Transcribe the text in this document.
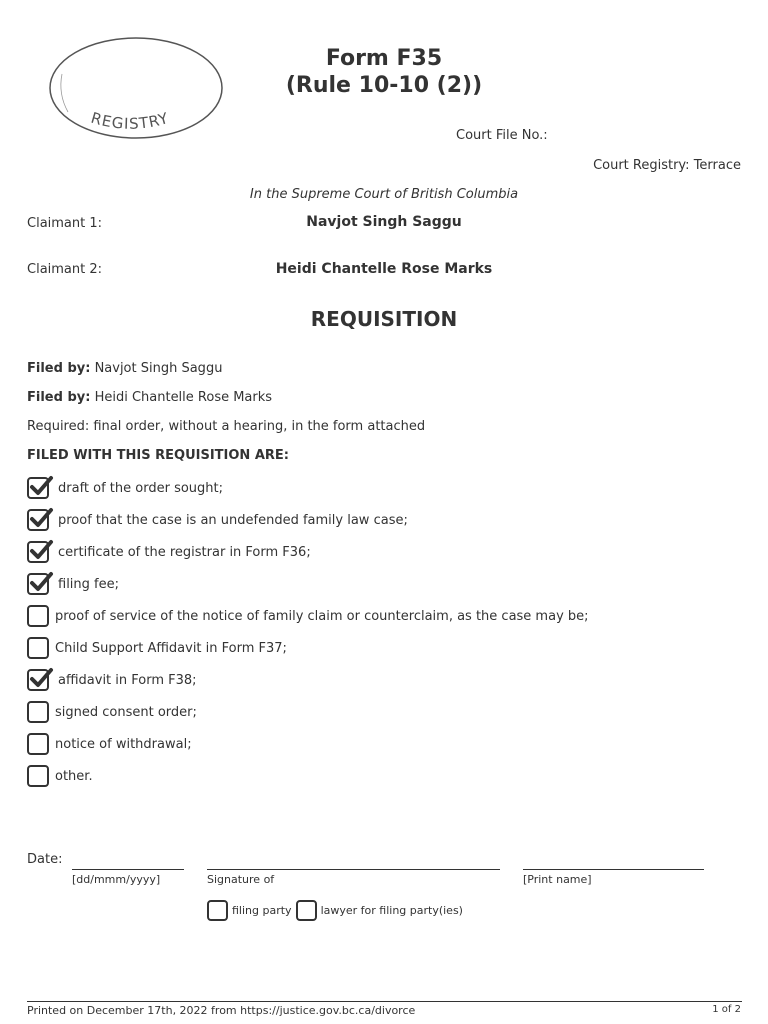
REGISTRY
Form F35
(Rule 10-10 (2))
Court File No.:
Court Registry: Terrace
In the Supreme Court of British Columbia
Claimant 1:	Navjot Singh Saggu
Claimant 2:	Heidi Chantelle Rose Marks
REQUISITION
Filed by: Navjot Singh Saggu
Filed by: Heidi Chantelle Rose Marks
Required: final order, without a hearing, in the form attached
FILED WITH THIS REQUISITION ARE:
draft of the order sought;
proof that the case is an undefended family law case;
certificate of the registrar in Form F36;
filing fee;
proof of service of the notice of family claim or counterclaim, as the case may be;
Child Support Affidavit in Form F37;
affidavit in Form F38;
signed consent order;
notice of withdrawal;
other.
Date:
[dd/mmm/yyyy]	Signature of	[Print name]
filing party	lawyer for filing party(ies)
Printed on December 17th, 2022 from https://justice.gov.bc.ca/divorce	1 of 2
